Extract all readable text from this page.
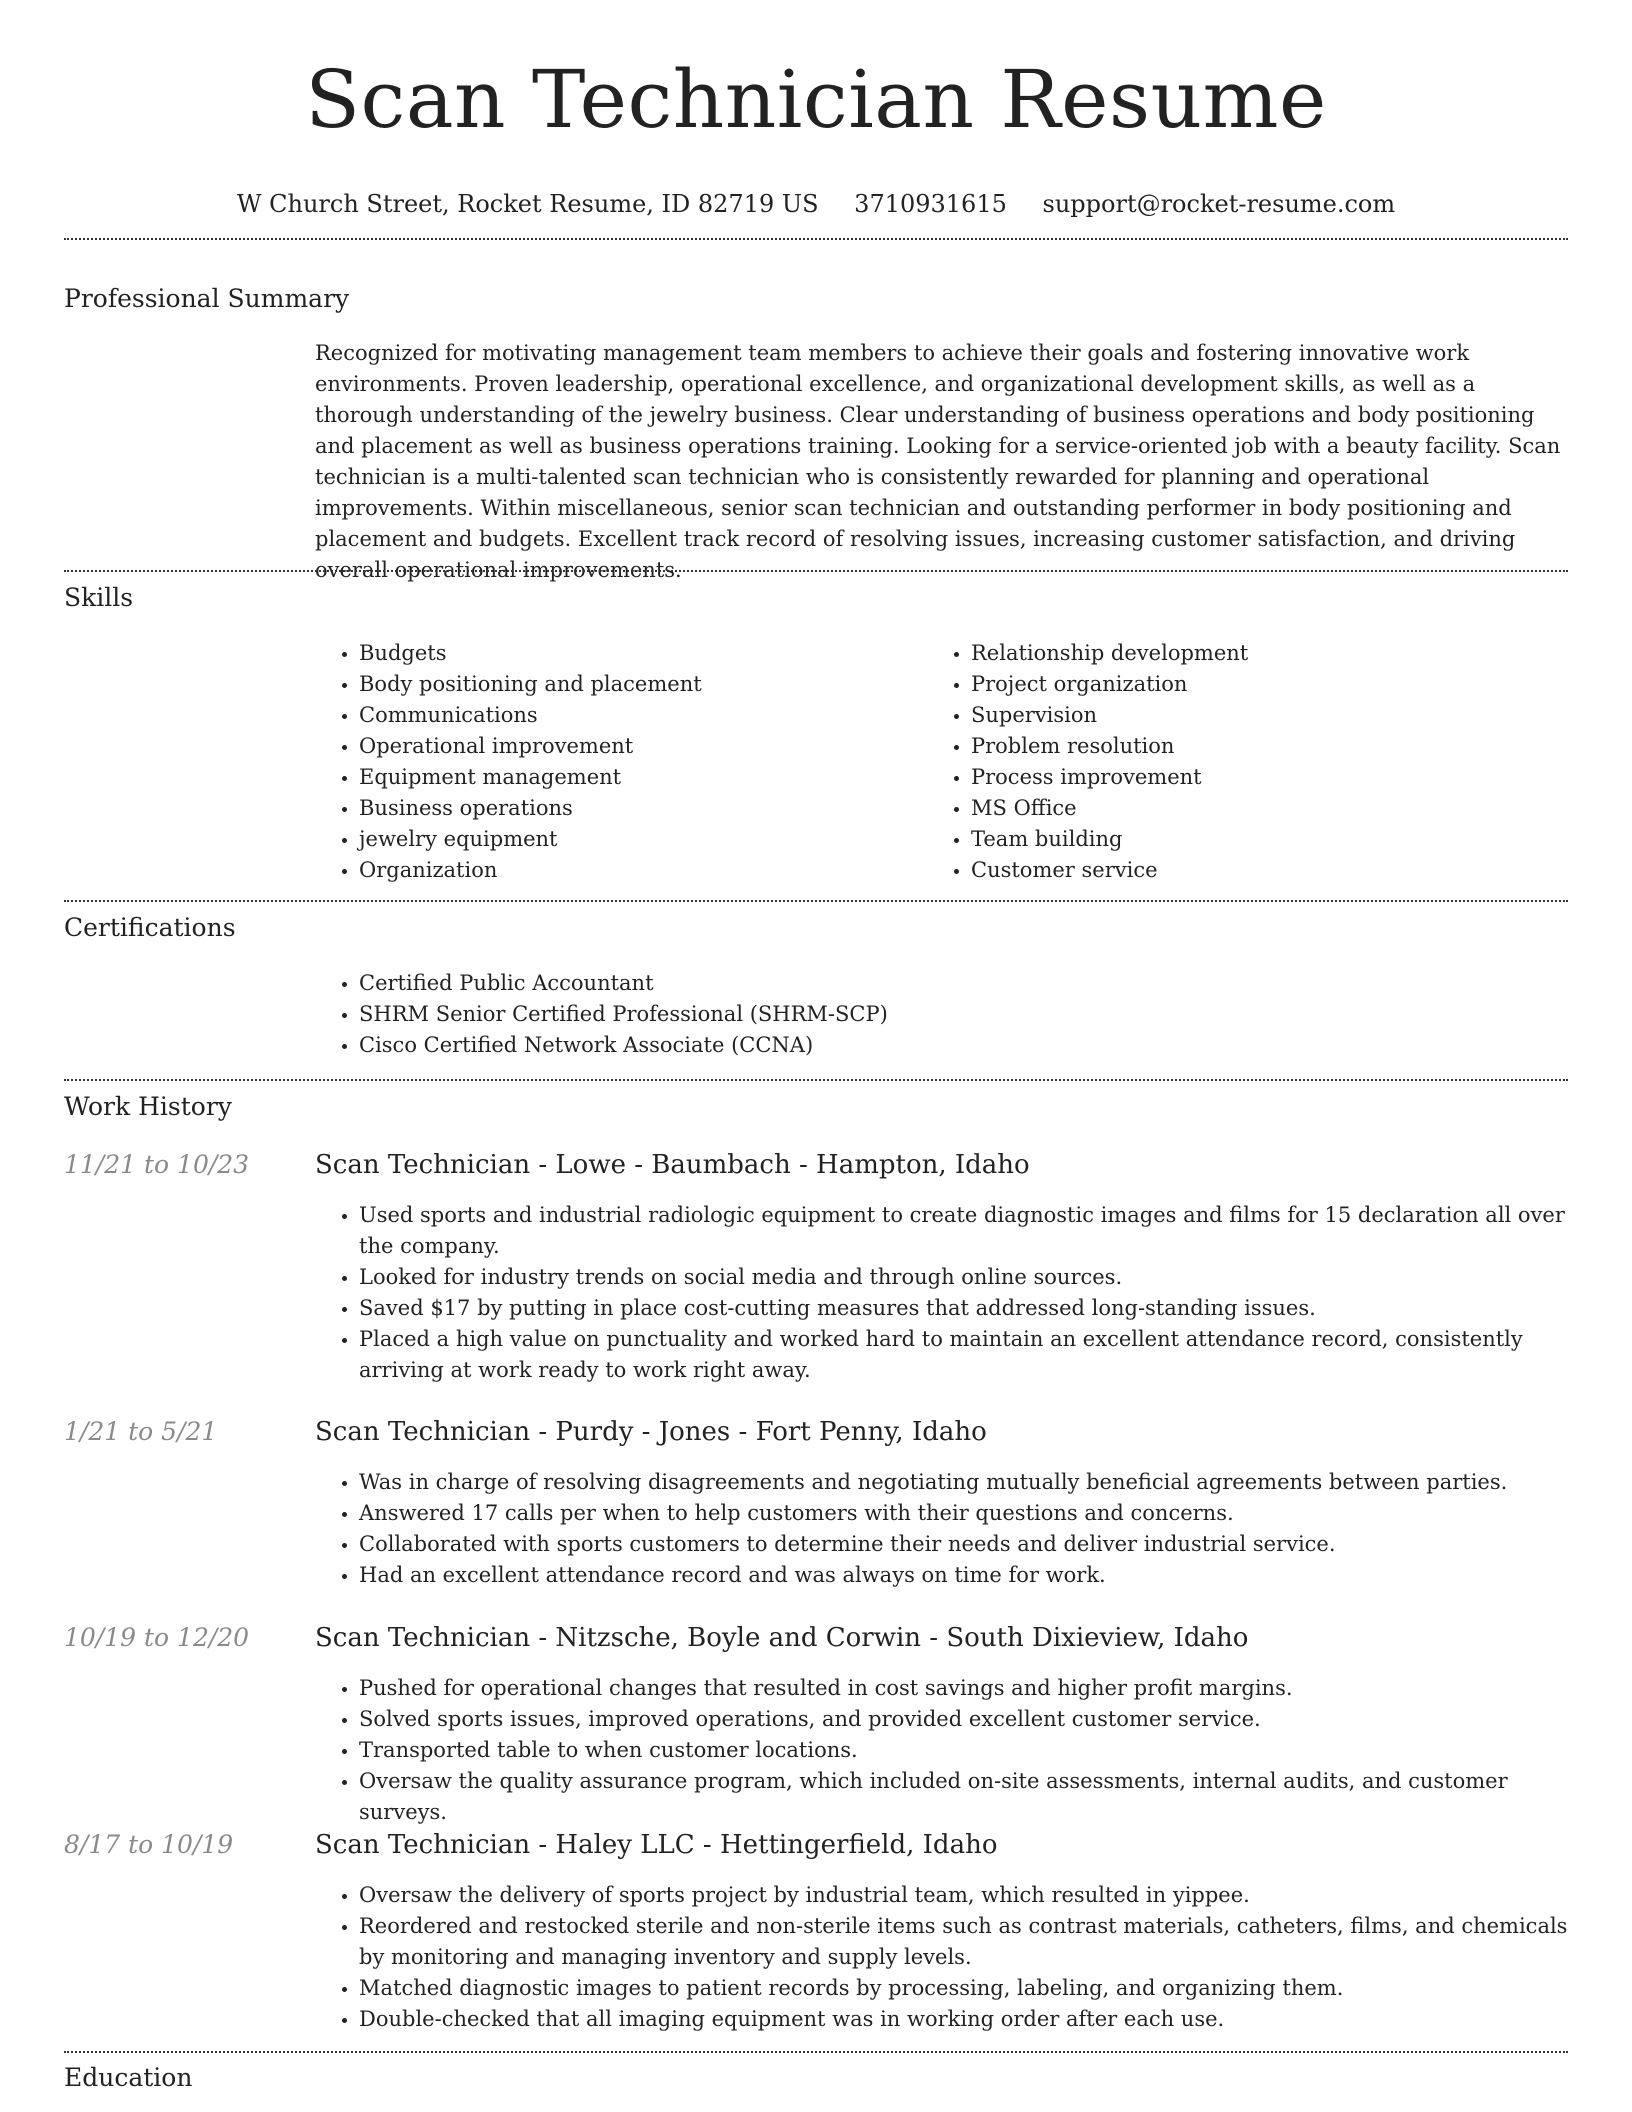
Scan Technician Resume
W Church Street, Rocket Resume, ID 82719 US 3710931615 support@rocket-resume.com
Professional Summary

Recognized for motivating management team members to achieve their goals and fostering innovative work environments. Proven leadership, operational excellence, and organizational development skills, as well as a thorough understanding of the jewelry business. Clear understanding of business operations and body positioning and placement as well as business operations training. Looking for a service-oriented job with a beauty facility. Scan technician is a multi-talented scan technician who is consistently rewarded for planning and operational improvements. Within miscellaneous, senior scan technician and outstanding performer in body positioning and placement and budgets. Excellent track record of resolving issues, increasing customer satisfaction, and driving overall operational improvements.

Skills
• Budgets
• Body positioning and placement
• Communications
• Operational improvement
• Equipment management
• Business operations
• jewelry equipment
• Organization
• Relationship development
• Project organization
• Supervision
• Problem resolution
• Process improvement
• MS Office
• Team building
• Customer service
Certifications
• Certified Public Accountant
• SHRM Senior Certified Professional (SHRM-SCP)
• Cisco Certified Network Associate (CCNA)
Work History
11/21 to 10/23	Scan Technician - Lowe - Baumbach - Hampton, Idaho
• Used sports and industrial radiologic equipment to create diagnostic images and films for 15 declaration all over the company.
• Looked for industry trends on social media and through online sources.
• Saved $17 by putting in place cost-cutting measures that addressed long-standing issues.
• Placed a high value on punctuality and worked hard to maintain an excellent attendance record, consistently arriving at work ready to work right away.
1/21 to 5/21	Scan Technician - Purdy - Jones - Fort Penny, Idaho
• Was in charge of resolving disagreements and negotiating mutually beneficial agreements between parties.
• Answered 17 calls per when to help customers with their questions and concerns.
• Collaborated with sports customers to determine their needs and deliver industrial service.
• Had an excellent attendance record and was always on time for work.
10/19 to 12/20	Scan Technician - Nitzsche, Boyle and Corwin - South Dixieview, Idaho
• Pushed for operational changes that resulted in cost savings and higher profit margins.
• Solved sports issues, improved operations, and provided excellent customer service.
• Transported table to when customer locations.
• Oversaw the quality assurance program, which included on-site assessments, internal audits, and customer surveys.
8/17 to 10/19	Scan Technician - Haley LLC - Hettingerfield, Idaho
• Oversaw the delivery of sports project by industrial team, which resulted in yippee.
• Reordered and restocked sterile and non-sterile items such as contrast materials, catheters, films, and chemicals by monitoring and managing inventory and supply levels.
• Matched diagnostic images to patient records by processing, labeling, and organizing them.
• Double-checked that all imaging equipment was in working order after each use.
Education
